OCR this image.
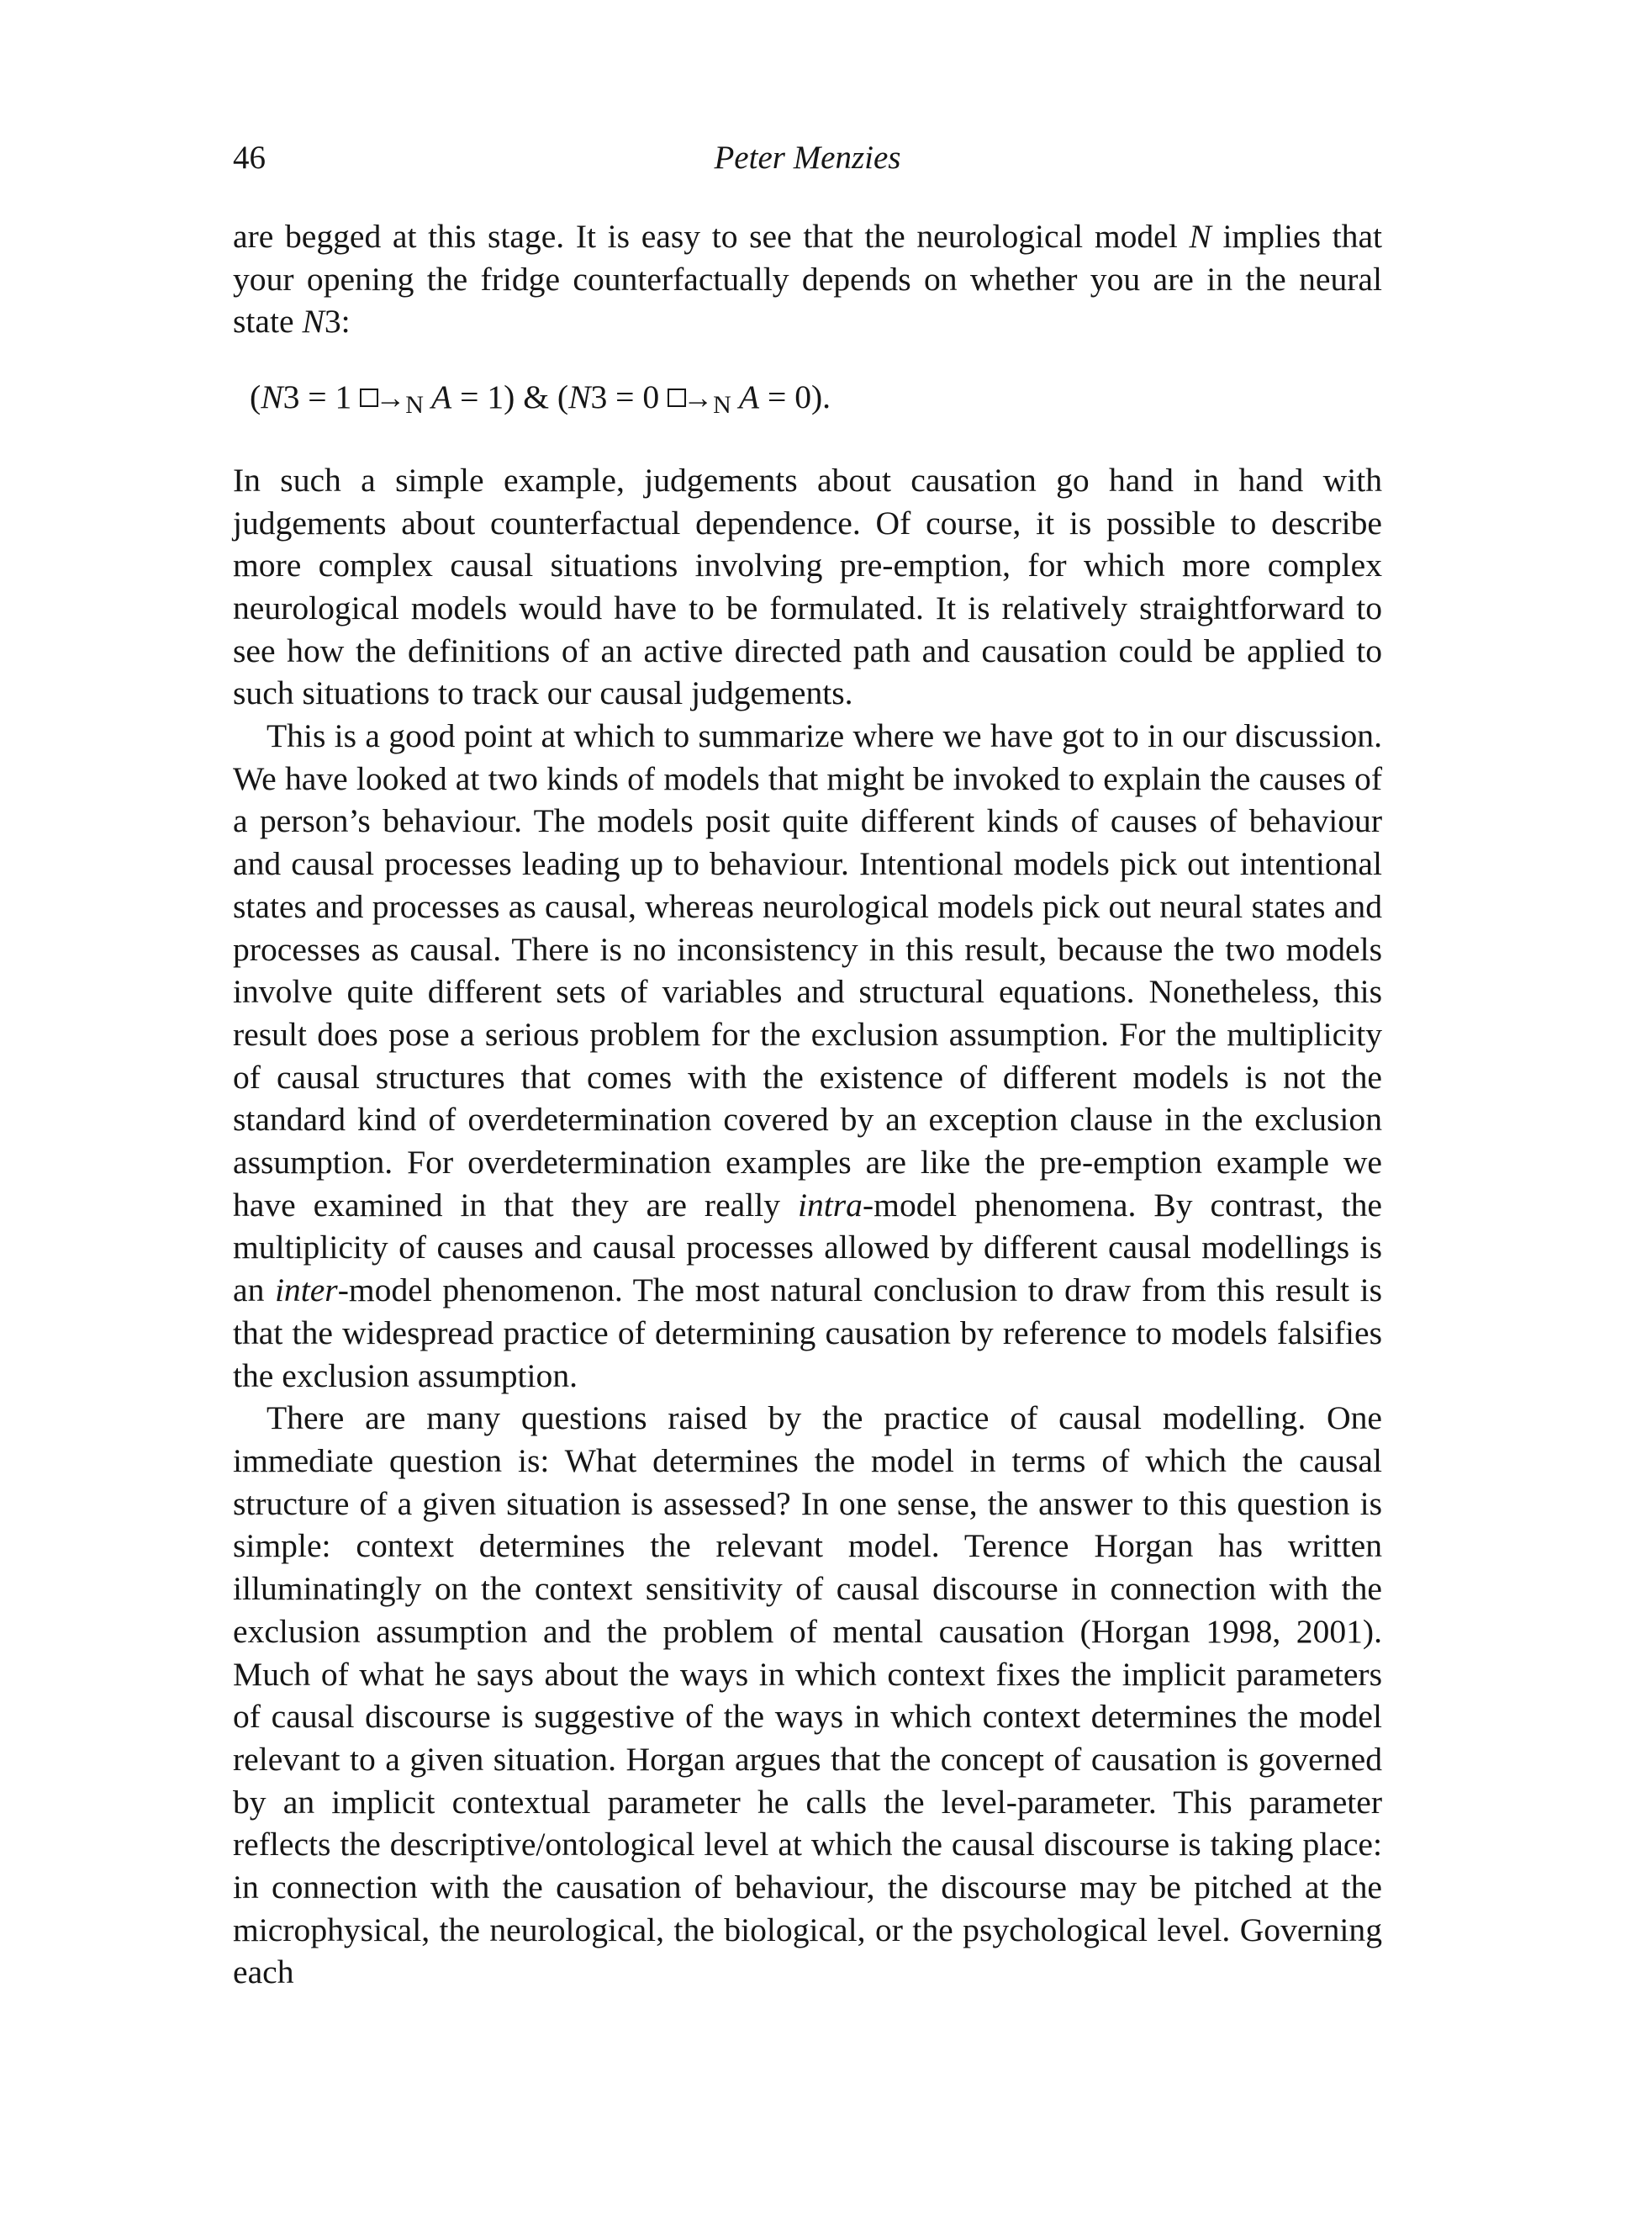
46	Peter Menzies

are begged at this stage. It is easy to see that the neurological model N implies that your opening the fridge counterfactually depends on whether you are in the neural state N3:

(N3 = 1 →N A = 1) & (N3 = 0 →N A = 0).

In such a simple example, judgements about causation go hand in hand with judgements about counterfactual dependence. Of course, it is possible to describe more complex causal situations involving pre-emption, for which more complex neurological models would have to be formulated. It is relatively straightforward to see how the definitions of an active directed path and causation could be applied to such situations to track our causal judgements.

This is a good point at which to summarize where we have got to in our discussion. We have looked at two kinds of models that might be invoked to explain the causes of a person’s behaviour. The models posit quite different kinds of causes of behaviour and causal processes leading up to behaviour. Intentional models pick out intentional states and processes as causal, whereas neurological models pick out neural states and processes as causal. There is no inconsistency in this result, because the two models involve quite different sets of variables and structural equations. Nonetheless, this result does pose a serious problem for the exclusion assumption. For the multiplicity of causal structures that comes with the existence of different models is not the standard kind of overdetermination covered by an exception clause in the exclusion assumption. For overdetermination examples are like the pre-emption example we have examined in that they are really intra-model phenomena. By contrast, the multiplicity of causes and causal processes allowed by different causal modellings is an inter-model phenomenon. The most natural conclusion to draw from this result is that the widespread practice of determining causation by reference to models falsifies the exclusion assumption.

There are many questions raised by the practice of causal modelling. One immediate question is: What determines the model in terms of which the causal structure of a given situation is assessed? In one sense, the answer to this question is simple: context determines the relevant model. Terence Horgan has written illuminatingly on the context sensitivity of causal discourse in connection with the exclusion assumption and the problem of mental causation (Horgan 1998, 2001). Much of what he says about the ways in which context fixes the implicit parameters of causal discourse is suggestive of the ways in which context determines the model relevant to a given situation. Horgan argues that the concept of causation is governed by an implicit contextual parameter he calls the level-parameter. This parameter reflects the descriptive/ontological level at which the causal discourse is taking place: in connection with the causation of behaviour, the discourse may be pitched at the microphysical, the neurological, the biological, or the psychological level. Governing each
